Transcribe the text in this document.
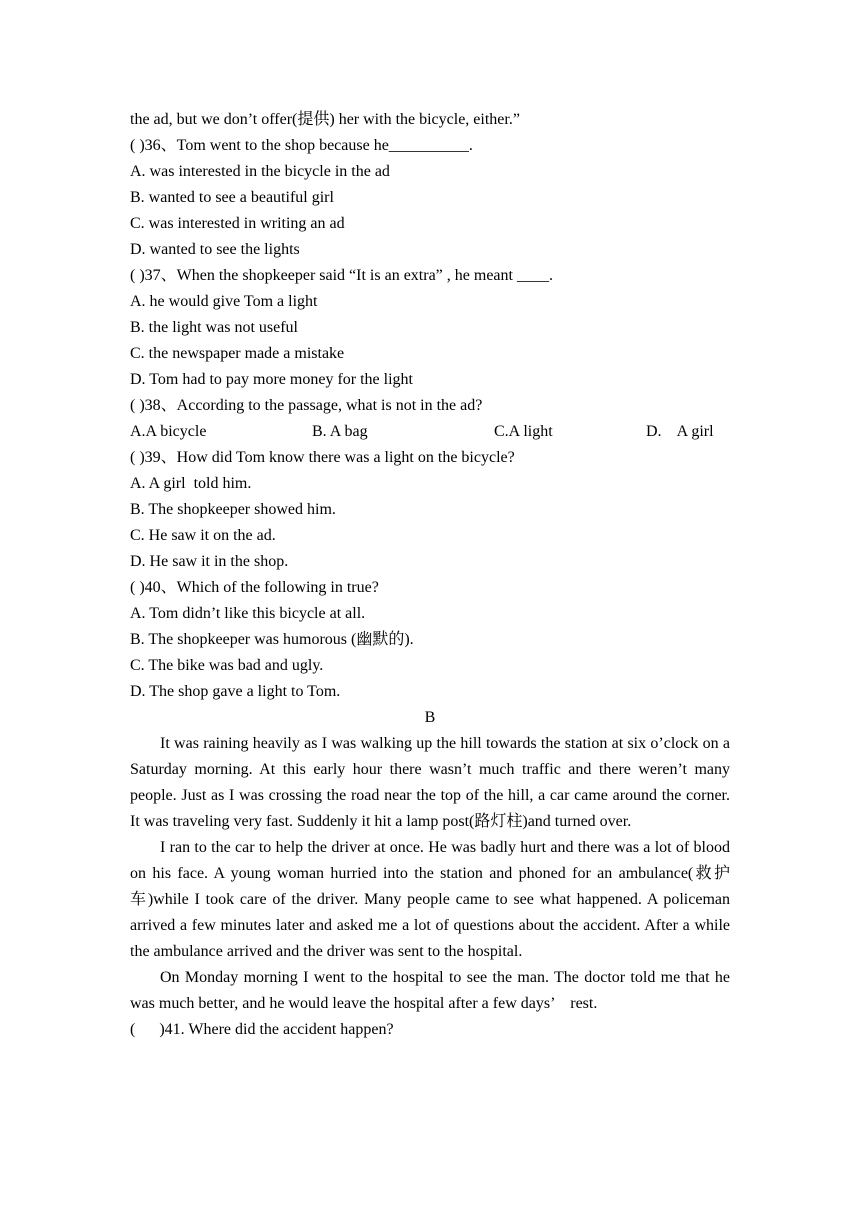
the ad, but we don’t offer(提供) her with the bicycle, either.”
( )36、Tom went to the shop because he__________.
A. was interested in the bicycle in the ad
B. wanted to see a beautiful girl
C. was interested in writing an ad
D. wanted to see the lights
( )37、When the shopkeeper said “It is an extra” , he meant ____.
A. he would give Tom a light
B. the light was not useful
C. the newspaper made a mistake
D. Tom had to pay more money for the light
( )38、According to the passage, what is not in the ad?
A.A bicycle	B. A bag	C.A light	D.    A girl
( )39、How did Tom know there was a light on the bicycle?
A. A girl  told him.
B. The shopkeeper showed him.
C. He saw it on the ad.
D. He saw it in the shop.
( )40、Which of the following in true?
A. Tom didn’t like this bicycle at all.
B. The shopkeeper was humorous (幽默的).
C. The bike was bad and ugly.
D. The shop gave a light to Tom.
B

It was raining heavily as I was walking up the hill towards the station at six o’clock on a Saturday morning. At this early hour there wasn’t much traffic and there weren’t many people. Just as I was crossing the road near the top of the hill, a car came around the corner. It was traveling very fast. Suddenly it hit a lamp post(路灯柱)and turned over.

I ran to the car to help the driver at once. He was badly hurt and there was a lot of blood on his face. A young woman hurried into the station and phoned for an ambulance(救护车)while I took care of the driver. Many people came to see what happened. A policeman arrived a few minutes later and asked me a lot of questions about the accident. After a while the ambulance arrived and the driver was sent to the hospital.

On Monday morning I went to the hospital to see the man. The doctor told me that he was much better, and he would leave the hospital after a few days’    rest.

(      )41. Where did the accident happen?
